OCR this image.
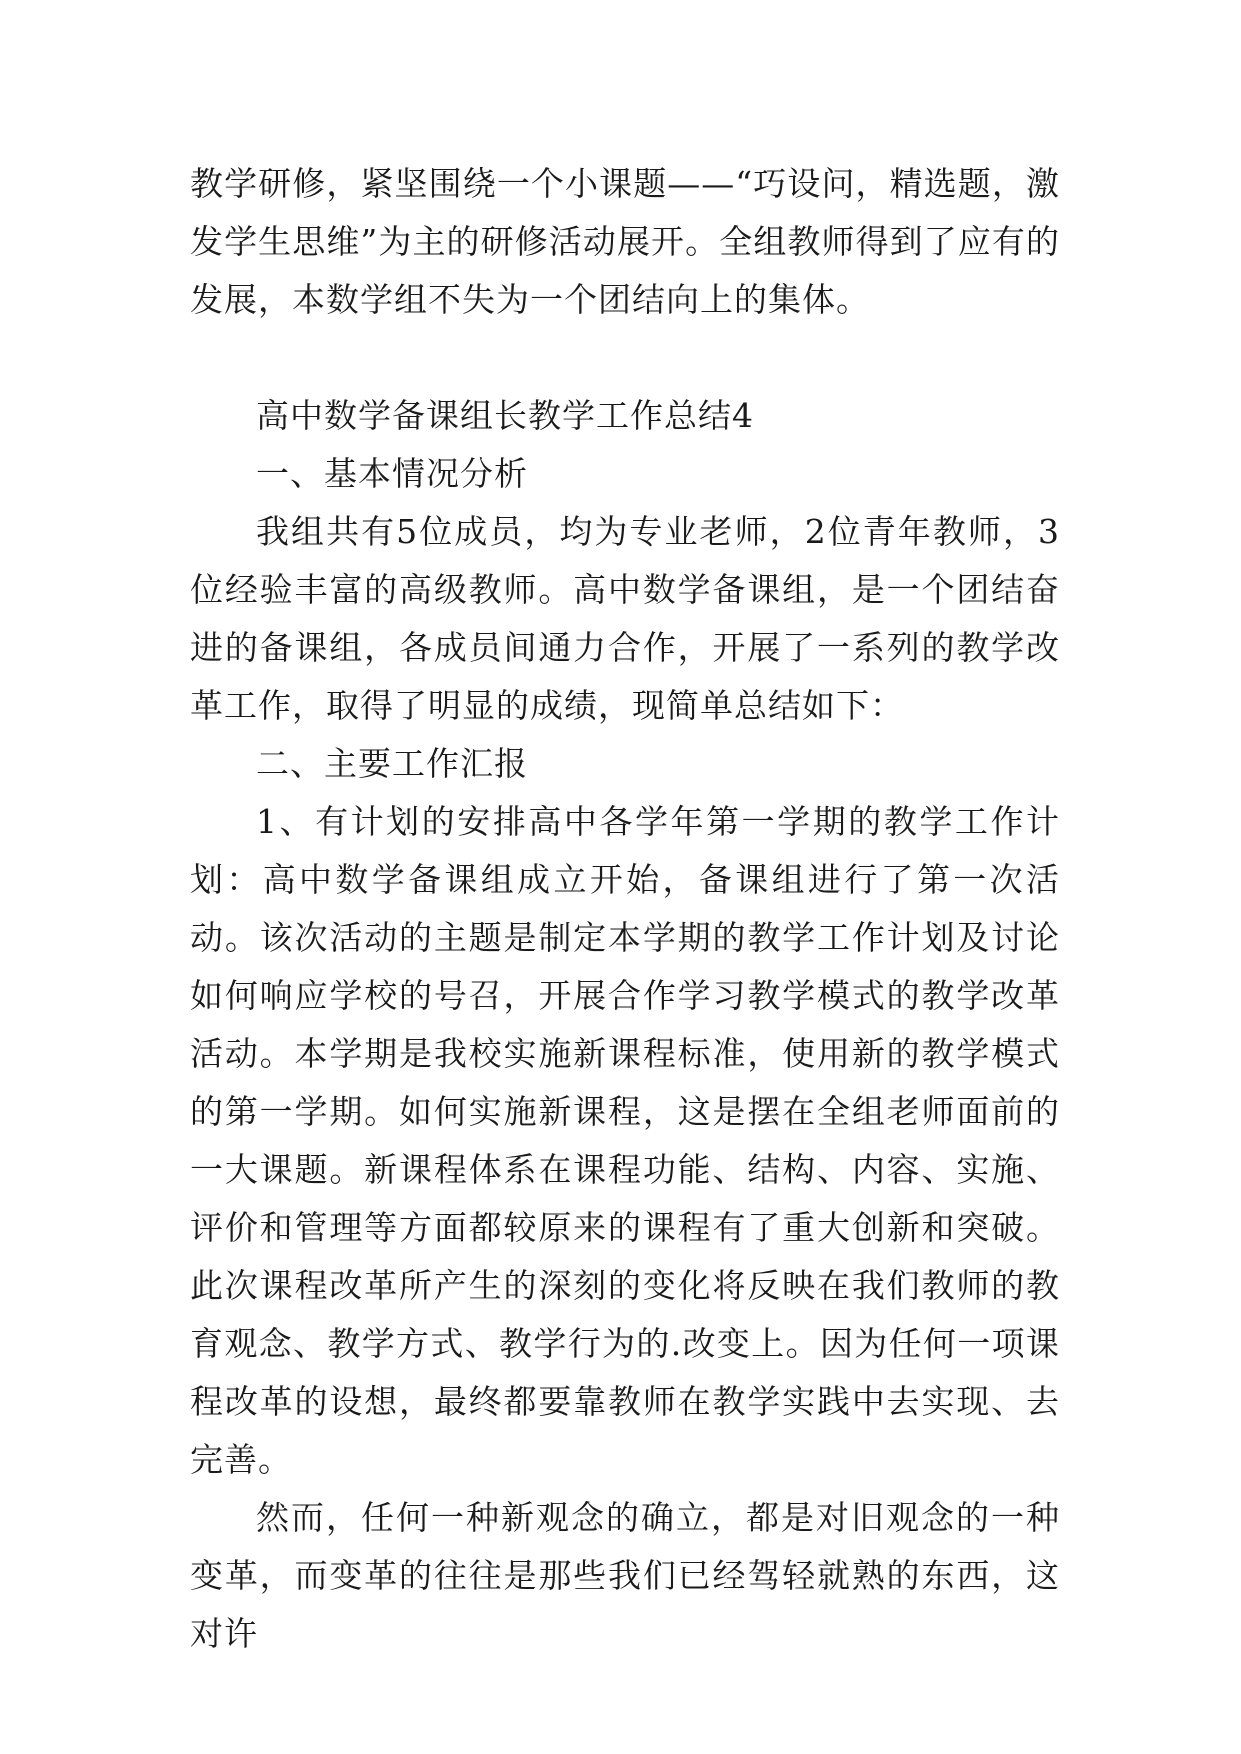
教学研修，紧坚围绕一个小课题——“巧设问，精选题，激发学生思维”为主的研修活动展开。全组教师得到了应有的发展，本数学组不失为一个团结向上的集体。

高中数学备课组长教学工作总结4

一、基本情况分析

我组共有5位成员，均为专业老师，2位青年教师，3位经验丰富的高级教师。高中数学备课组，是一个团结奋进的备课组，各成员间通力合作，开展了一系列的教学改革工作，取得了明显的成绩，现简单总结如下：

二、主要工作汇报

1、有计划的安排高中各学年第一学期的教学工作计划：高中数学备课组成立开始，备课组进行了第一次活动。该次活动的主题是制定本学期的教学工作计划及讨论如何响应学校的号召，开展合作学习教学模式的教学改革活动。本学期是我校实施新课程标准，使用新的教学模式的第一学期。如何实施新课程，这是摆在全组老师面前的一大课题。新课程体系在课程功能、结构、内容、实施、评价和管理等方面都较原来的课程有了重大创新和突破。此次课程改革所产生的深刻的变化将反映在我们教师的教育观念、教学方式、教学行为的.改变上。因为任何一项课程改革的设想，最终都要靠教师在教学实践中去实现、去完善。

然而，任何一种新观念的确立，都是对旧观念的一种变革，而变革的往往是那些我们已经驾轻就熟的东西，这对许
